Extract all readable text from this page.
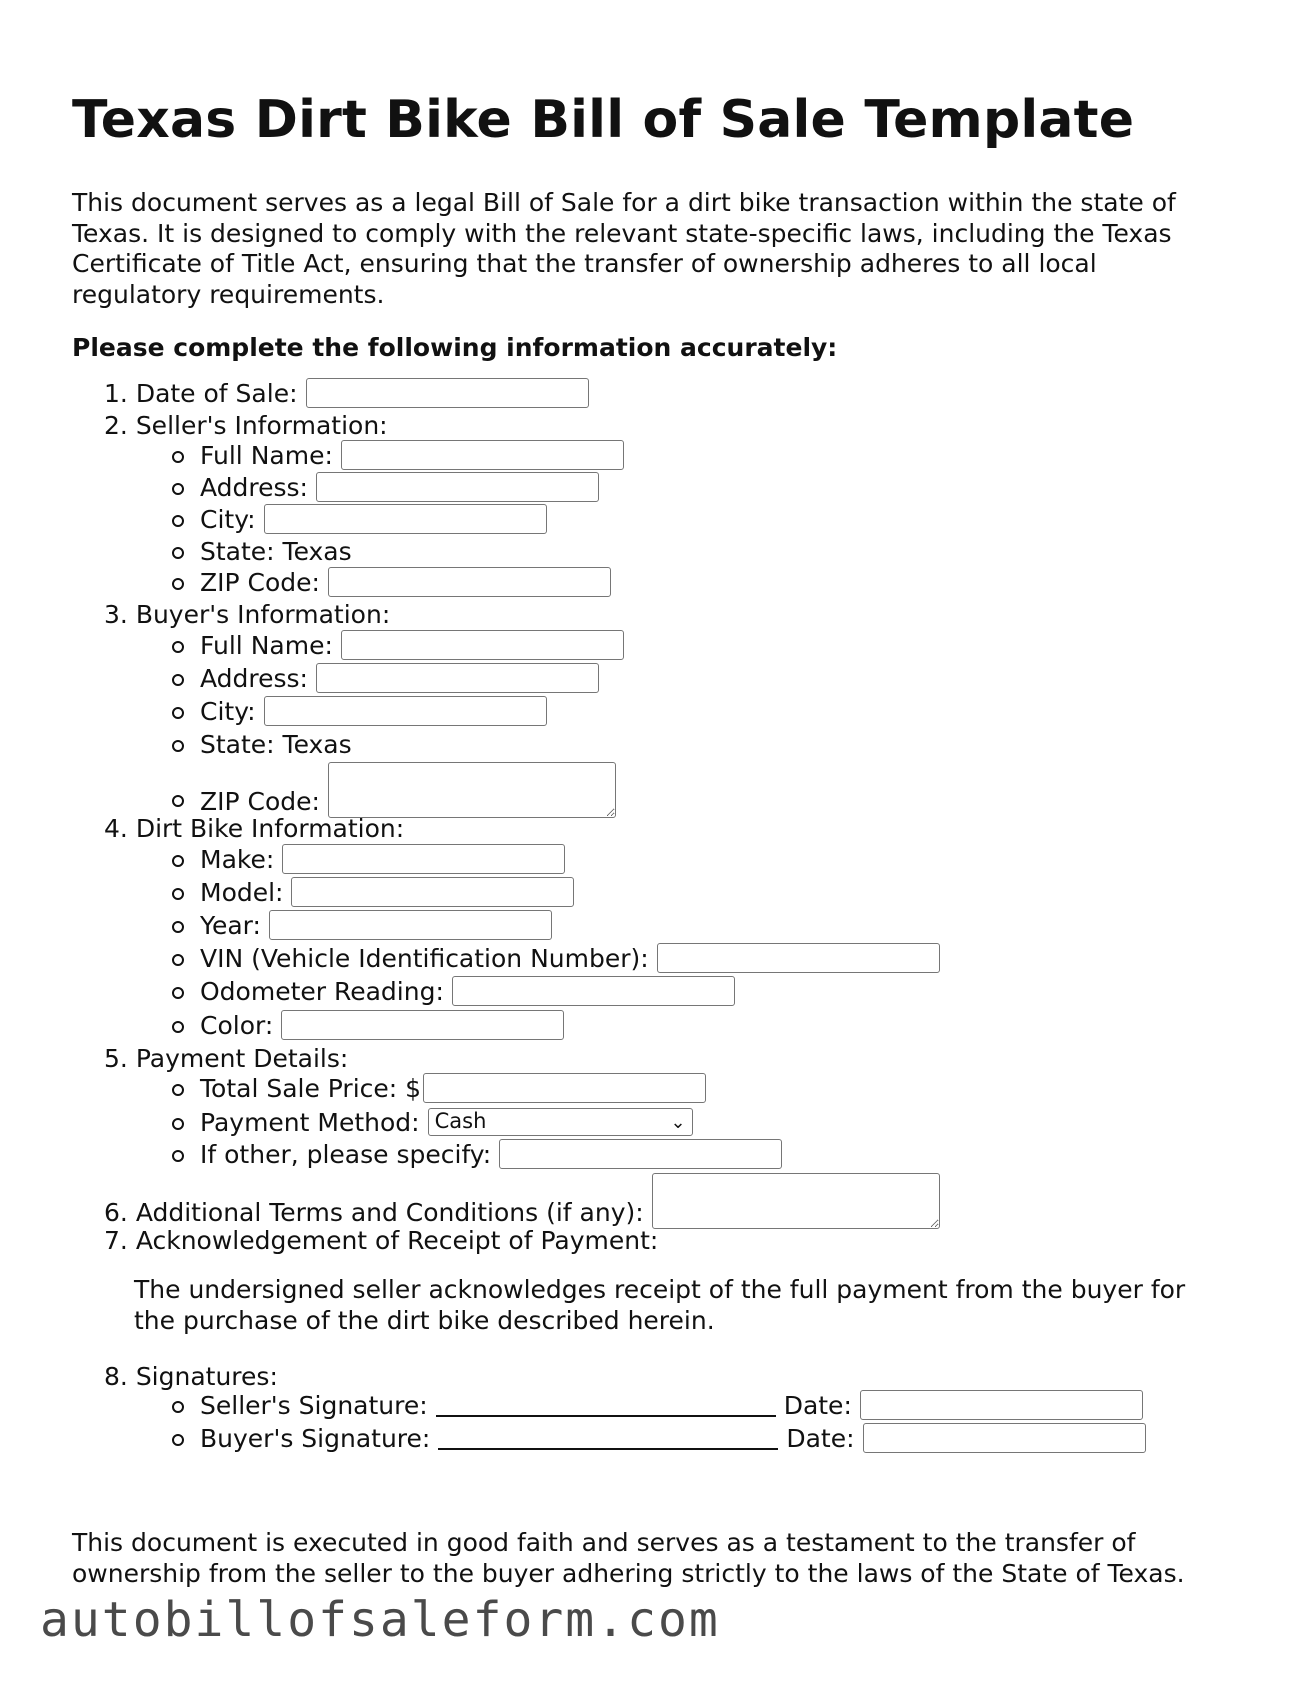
Texas Dirt Bike Bill of Sale Template

This document serves as a legal Bill of Sale for a dirt bike transaction within the state of Texas. It is designed to comply with the relevant state-specific laws, including the Texas Certificate of Title Act, ensuring that the transfer of ownership adheres to all local regulatory requirements.

Please complete the following information accurately:

1.
Date of Sale:
2.
Seller's Information:
Full Name:
Address:
City:
State: Texas
ZIP Code:
3.
Buyer's Information:
Full Name:
Address:
City:
State: Texas
ZIP Code:
4.
Dirt Bike Information:
Make:
Model:
Year:
VIN (Vehicle Identification Number):
Odometer Reading:
Color:
5.
Payment Details:
Total Sale Price: $
Payment Method: Cash	⌄
If other, please specify:
6.
Additional Terms and Conditions (if any):
7.
Acknowledgement of Receipt of Payment:
The undersigned seller acknowledges receipt of the full payment from the buyer for the purchase of the dirt bike described herein.
8.
Signatures:
Seller's Signature:	Date:
Buyer's Signature:	Date:

This document is executed in good faith and serves as a testament to the transfer of ownership from the seller to the buyer adhering strictly to the laws of the State of Texas.

autobillofsaleform.com
